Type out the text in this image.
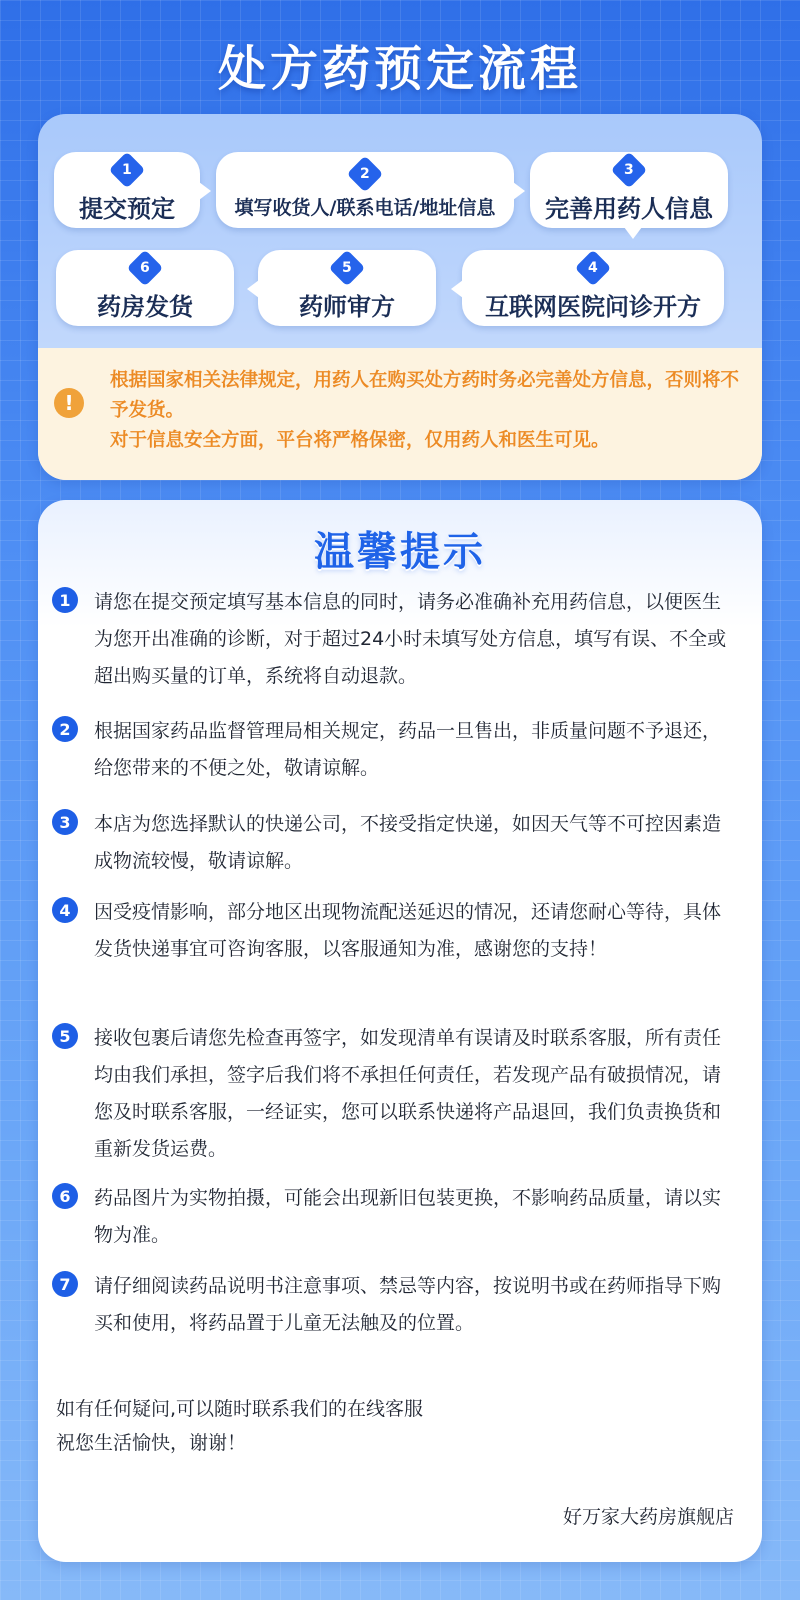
处方药预定流程
1
提交预定
2
填写收货人/联系电话/地址信息
3
完善用药人信息
6
药房发货
5
药师审方
4
互联网医院问诊开方
!
根据国家相关法律规定，用药人在购买处方药时务必完善处方信息，否则将不予发货。
对于信息安全方面，平台将严格保密，仅用药人和医生可见。
温馨提示
1	请您在提交预定填写基本信息的同时，请务必准确补充用药信息，以便医生为您开出准确的诊断，对于超过24小时未填写处方信息，填写有误、不全或超出购买量的订单，系统将自动退款。
2	根据国家药品监督管理局相关规定，药品一旦售出，非质量问题不予退还，给您带来的不便之处，敬请谅解。
3	本店为您选择默认的快递公司，不接受指定快递，如因天气等不可控因素造成物流较慢，敬请谅解。
4	因受疫情影响，部分地区出现物流配送延迟的情况，还请您耐心等待，具体发货快递事宜可咨询客服，以客服通知为准，感谢您的支持！
5	接收包裹后请您先检查再签字，如发现清单有误请及时联系客服，所有责任均由我们承担，签字后我们将不承担任何责任，若发现产品有破损情况，请您及时联系客服，一经证实，您可以联系快递将产品退回，我们负责换货和重新发货运费。
6	药品图片为实物拍摄，可能会出现新旧包装更换，不影响药品质量，请以实物为准。
7	请仔细阅读药品说明书注意事项、禁忌等内容，按说明书或在药师指导下购买和使用，将药品置于儿童无法触及的位置。
如有任何疑问,可以随时联系我们的在线客服
祝您生活愉快，谢谢！
好万家大药房旗舰店
